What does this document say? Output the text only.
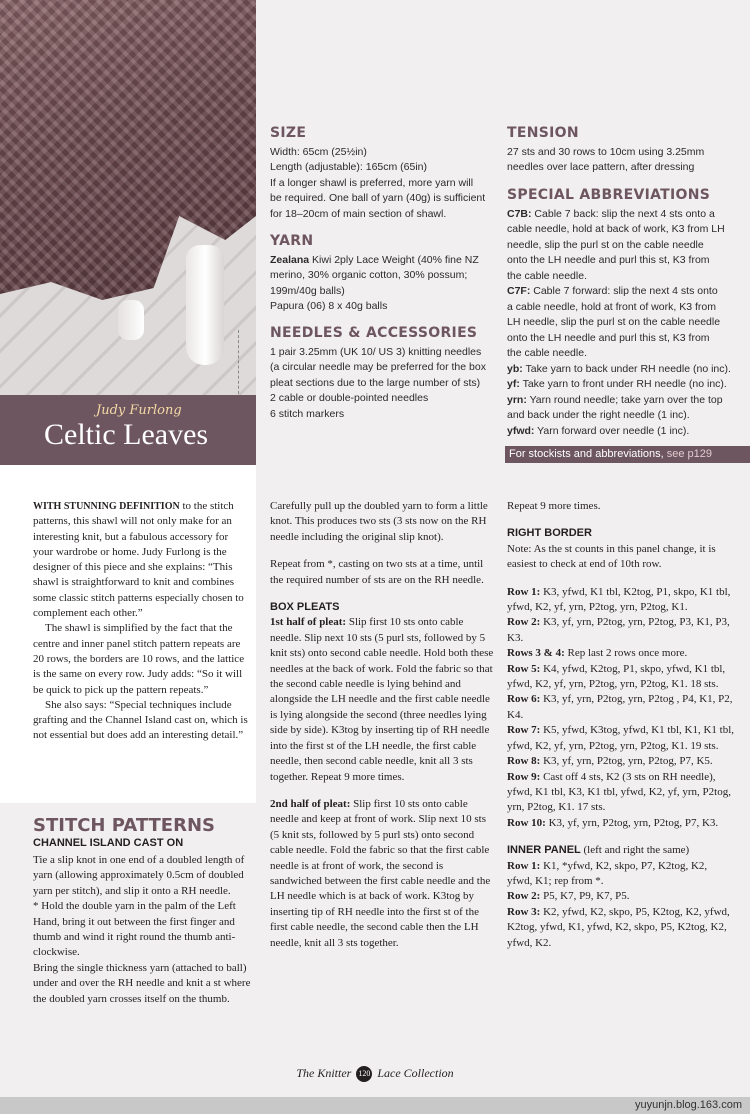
Judy Furlong
Celtic Leaves
SIZE

Width: 65cm (25½in)

Length (adjustable): 165cm (65in)

If a longer shawl is preferred, more yarn will

be required. One ball of yarn (40g) is sufficient

for 18–20cm of main section of shawl.

YARN

Zealana Kiwi 2ply Lace Weight (40% fine NZ

merino, 30% organic cotton, 30% possum;

199m/40g balls)

Papura (06) 8 x 40g balls

NEEDLES & ACCESSORIES

1 pair 3.25mm (UK 10/ US 3) knitting needles

(a circular needle may be preferred for the box

pleat sections due to the large number of sts)

2 cable or double-pointed needles

6 stitch markers

TENSION

27 sts and 30 rows to 10cm using 3.25mm

needles over lace pattern, after dressing

SPECIAL ABBREVIATIONS

C7B: Cable 7 back: slip the next 4 sts onto a

cable needle, hold at back of work, K3 from LH

needle, slip the purl st on the cable needle

onto the LH needle and purl this st, K3 from

the cable needle.

C7F: Cable 7 forward: slip the next 4 sts onto

a cable needle, hold at front of work, K3 from

LH needle, slip the purl st on the cable needle

onto the LH needle and purl this st, K3 from

the cable needle.

yb: Take yarn to back under RH needle (no inc).

yf: Take yarn to front under RH needle (no inc).

yrn: Yarn round needle; take yarn over the top

and back under the right needle (1 inc).

yfwd: Yarn forward over needle (1 inc).

For stockists and abbreviations, see p129

WITH STUNNING DEFINITION to the stitch patterns, this shawl will not only make for an interesting knit, but a fabulous accessory for your wardrobe or home. Judy Furlong is the designer of this piece and she explains: “This shawl is straightforward to knit and combines some classic stitch patterns especially chosen to complement each other.”

The shawl is simplified by the fact that the centre and inner panel stitch pattern repeats are 20 rows, the borders are 10 rows, and the lattice is the same on every row. Judy adds: “So it will be quick to pick up the pattern repeats.”

She also says: “Special techniques include grafting and the Channel Island cast on, which is not essential but does add an interesting detail.”

STITCH PATTERNS
CHANNEL ISLAND CAST ON

Tie a slip knot in one end of a doubled length of yarn (allowing approximately 0.5cm of doubled yarn per stitch), and slip it onto a RH needle.

* Hold the double yarn in the palm of the Left Hand, bring it out between the first finger and thumb and wind it right round the thumb anti-clockwise.

Bring the single thickness yarn (attached to ball) under and over the RH needle and knit a st where the doubled yarn crosses itself on the thumb.

Carefully pull up the doubled yarn to form a little knot. This produces two sts (3 sts now on the RH needle including the original slip knot).

Repeat from *, casting on two sts at a time, until the required number of sts are on the RH needle.

BOX PLEATS

1st half of pleat: Slip first 10 sts onto cable needle. Slip next 10 sts (5 purl sts, followed by 5 knit sts) onto second cable needle. Hold both these needles at the back of work. Fold the fabric so that the second cable needle is lying behind and alongside the LH needle and the first cable needle is lying alongside the second (three needles lying side by side). K3tog by inserting tip of RH needle into the first st of the LH needle, the first cable needle, then second cable needle, knit all 3 sts together. Repeat 9 more times.

2nd half of pleat: Slip first 10 sts onto cable needle and keep at front of work. Slip next 10 sts (5 knit sts, followed by 5 purl sts) onto second cable needle. Fold the fabric so that the first cable needle is at front of work, the second is sandwiched between the first cable needle and the LH needle which is at back of work. K3tog by inserting tip of RH needle into the first st of the first cable needle, the second cable then the LH needle, knit all 3 sts together.

Repeat 9 more times.

RIGHT BORDER

Note: As the st counts in this panel change, it is easiest to check at end of 10th row.

Row 1: K3, yfwd, K1 tbl, K2tog, P1, skpo, K1 tbl, yfwd, K2, yf, yrn, P2tog, yrn, P2tog, K1.

Row 2: K3, yf, yrn, P2tog, yrn, P2tog, P3, K1, P3, K3.

Rows 3 & 4: Rep last 2 rows once more.

Row 5: K4, yfwd, K2tog, P1, skpo, yfwd, K1 tbl, yfwd, K2, yf, yrn, P2tog, yrn, P2tog, K1. 18 sts.

Row 6: K3, yf, yrn, P2tog, yrn, P2tog , P4, K1, P2, K4.

Row 7: K5, yfwd, K3tog, yfwd, K1 tbl, K1, K1 tbl, yfwd, K2, yf, yrn, P2tog, yrn, P2tog, K1. 19 sts.

Row 8: K3, yf, yrn, P2tog, yrn, P2tog, P7, K5.

Row 9: Cast off 4 sts, K2 (3 sts on RH needle), yfwd, K1 tbl, K3, K1 tbl, yfwd, K2, yf, yrn, P2tog, yrn, P2tog, K1. 17 sts.

Row 10: K3, yf, yrn, P2tog, yrn, P2tog, P7, K3.

INNER PANEL (left and right the same)

Row 1: K1, *yfwd, K2, skpo, P7, K2tog, K2, yfwd, K1; rep from *.

Row 2: P5, K7, P9, K7, P5.

Row 3: K2, yfwd, K2, skpo, P5, K2tog, K2, yfwd, K2tog, yfwd, K1, yfwd, K2, skpo, P5, K2tog, K2, yfwd, K2.

The Knitter 120 Lace Collection
yuyunjn.blog.163.com
